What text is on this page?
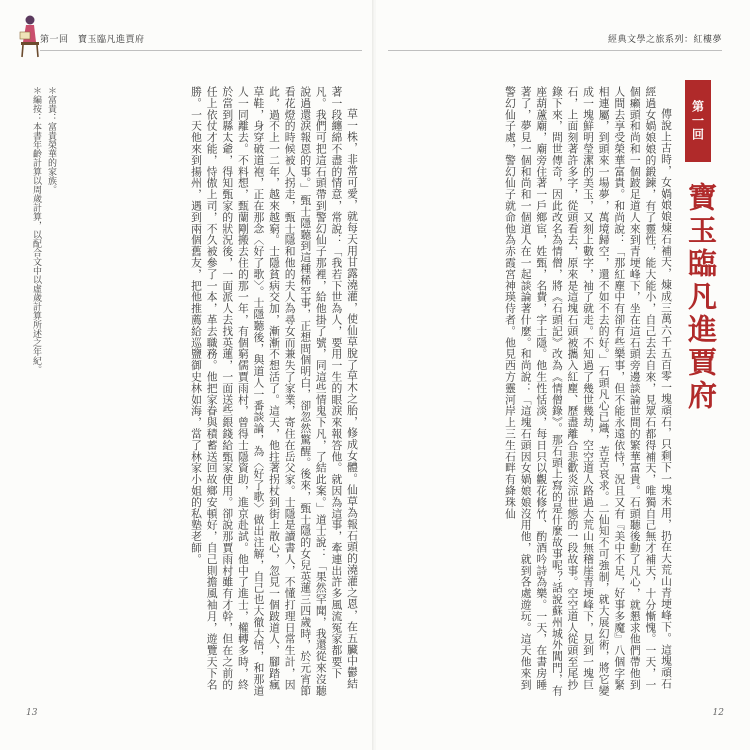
第一回　寶玉臨凡進賈府

草一株，非常可愛，就每天用甘露澆灌，使仙草脫了草木之胎，修成女體。仙草為報石頭的澆灌之恩，在五臟中鬱結著一段纏綿不盡的情意，常說：「我若下世為人，要用一生的眼淚來報答他。就因為這事，牽連出許多風流冤家都要下凡。我們可把這石頭帶到警幻仙子那裡，給他掛了號，同這些情鬼下凡，了結此案。」道士說：「果然罕聞，我還從來沒聽說過還淚報恩的事。」甄士隱聽到這種稀罕事，正想問個明白，卻忽然驚醒。後來，甄士隱的女兒英蓮三四歲時，於元宵節看花燈的時候被人拐走，甄士隱和他的夫人為尋女而兼失了家業，寄住在岳父家。士隱是讀書人，不懂打理日常生計，因此，過不上一二年，越來越窮。士隱貧病交加，漸漸不想活了。這天，他拄著拐杖到街上散心，忽見一個跛道人，腳踏瘋草鞋，身穿破道袍，正在那念〈好了歌〉。士隱聽後，與道人一番談論，為〈好了歌〉做出注解，自己也大徹大悟，和那道人一同離去。不料想，甄蘭剛搬去住的那一年，有個窮儒賈雨村，曾得士隱資助，進京赴試。他中了進士，權轉多時，終於當到縣太爺，得知甄家的狀況後，一面派人去找英蓮，一面送些銀錢給甄家使用。卻說那賈雨村雖有才幹，但在之前的任上依仗才能，恃傲上司，不久被參了一本，革去職務。他把家眷與積蓄送回故鄉安頓好，自己則擔風袖月，遊覽天下名勝。一天他來到揚州，遇到兩個舊友，把他推薦給巡鹽御史林如海，當了林家小姐的私塾老師。

＊富貴：富貴榮華的家族。

＊編按：本書年齡計算以周歲計算，以配合文中以虛歲計算所述之年紀。

13
經典文學之旅系列：紅樓夢

傳說上古時，女媧娘娘煉石補天，煉成三萬六千五百零一塊頑石，只剩下一塊未用，扔在大荒山青埂峰下。這塊頑石經過女媧娘娘的鍛鍊，有了靈性，能大能小，自己去去自來，見眾石都得補天，唯獨自己無才補天，十分慚愧。一天，一個癩頭和尚和一個跛足道人來到青埂峰下，坐在這石頭旁邊談論世間的繁華富貴。石頭聽後動了凡心，就懇求他們帶他到人間去享受榮華富貴。和尚說：「那紅塵中有卻有些樂事，但不能永遠依恃，況且又有『美中不足，好事多魔』八個字緊相連屬，到頭來一場夢，萬境歸空，還不如不去的好。」石頭凡心已熾，苦苦哀求。二仙知不可強制，就大展幻術，將它變成一塊鮮明瑩潔的美玉，又刻上數字，袖了就走。不知過了幾世幾劫，空空道人路過大荒山無稽崖青埂峰下，見到一塊巨石，上面刻著許多字，從頭看去，原來是這塊石頭被攜入紅塵、歷盡離合悲歡炎涼世態的一段故事。空空道人從頭至尾抄錄下來，問世傳奇，因此改名為情僧，將《石頭記》改為《情僧錄》。那石頭上寫的是什麼故事呢？話說蘇州城外閶門，有座葫蘆廟，廟旁住著一戶鄉宦，姓甄，名費，字士隱。他生性恬淡，每日只以觀花修竹、酌酒吟詩為樂。一天，在書房睡著了，夢見一個和尚和一個道人在一起談論著什麼。和尚說：「這塊石頭因女媧娘娘沒用他，就到各處遊玩。這天他來到警幻仙子處，警幻仙子就命他為赤霞宮神瑛侍者。他見西方靈河岸上三生石畔有絳珠仙

12
第一回
寶玉臨凡進賈府
